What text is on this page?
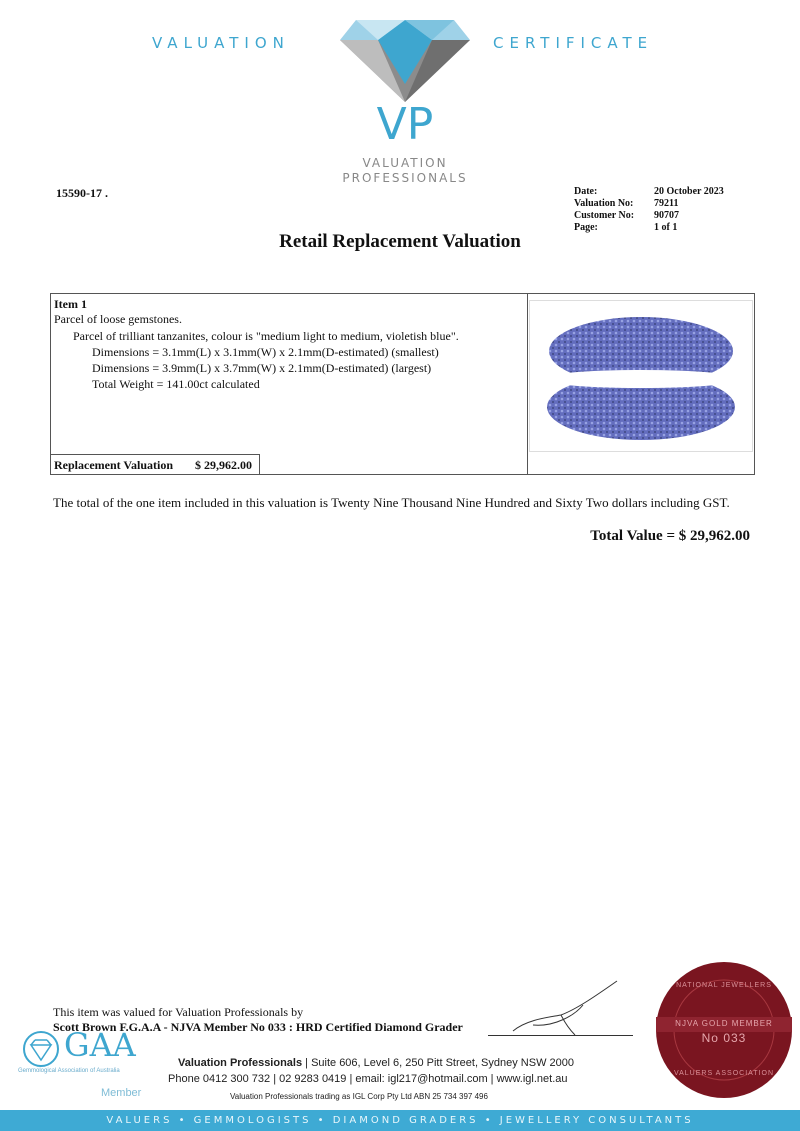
VALUATION	CERTIFICATE
VP
VALUATION
PROFESSIONALS
15590-17 .	Date:	20 October 2023
Valuation No:	79211
Customer No:	90707
Page:	1 of 1
Retail Replacement Valuation
Item 1
Parcel of loose gemstones.
Parcel of trilliant tanzanites, colour is "medium light to medium, violetish blue".
Dimensions = 3.1mm(L) x 3.1mm(W) x 2.1mm(D-estimated) (smallest)
Dimensions = 3.9mm(L) x 3.7mm(W) x 2.1mm(D-estimated) (largest)
Total Weight = 141.00ct calculated
Replacement Valuation $ 29,962.00
The total of the one item included in this valuation is Twenty Nine Thousand Nine Hundred and Sixty Two dollars including GST.
Total Value = $ 29,962.00
This item was valued for Valuation Professionals by
Scott Brown F.G.A.A - NJVA Member No 033 : HRD Certified Diamond Grader
GAA
Gemmological Association of Australia
Member
NATIONAL JEWELLERS
NJVA GOLD MEMBER
No 033
VALUERS ASSOCIATION
Valuation Professionals | Suite 606, Level 6, 250 Pitt Street, Sydney NSW 2000
Phone 0412 300 732 | 02 9283 0419 | email: igl217@hotmail.com | www.igl.net.au
Valuation Professionals trading as IGL Corp Pty Ltd ABN 25 734 397 496
VALUERS • GEMMOLOGISTS • DIAMOND GRADERS • JEWELLERY CONSULTANTS
